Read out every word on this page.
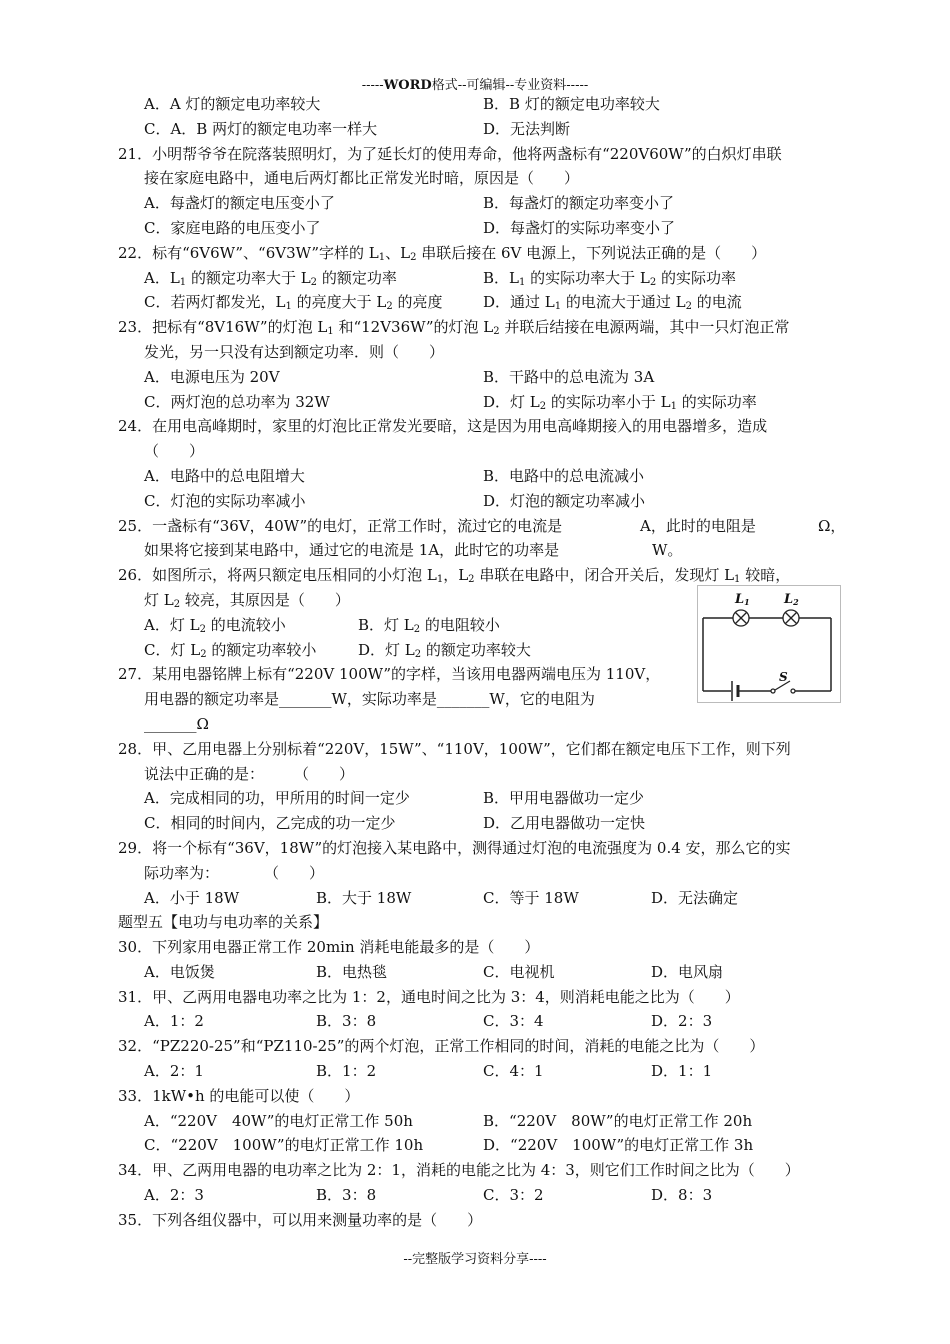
-----WORD格式--可编辑--专业资料-----
A．A 灯的额定电功率较大	B．B 灯的额定电功率较大
C．A．B 两灯的额定电功率一样大	D．无法判断
21．小明帮爷爷在院落装照明灯，为了延长灯的使用寿命，他将两盏标有“220V60W”的白炽灯串联
接在家庭电路中，通电后两灯都比正常发光时暗，原因是（　　）
A．每盏灯的额定电压变小了	B．每盏灯的额定功率变小了
C．家庭电路的电压变小了	D．每盏灯的实际功率变小了
22．标有“6V6W”、“6V3W”字样的 $L_1$、$L_2$ 串联后接在 6V 电源上，下列说法正确的是（　　）
A．$L_1$ 的额定功率大于 $L_2$ 的额定功率	B．$L_1$ 的实际功率大于 $L_2$ 的实际功率
C．若两灯都发光，$L_1$ 的亮度大于 $L_2$ 的亮度	D．通过 $L_1$ 的电流大于通过 $L_2$ 的电流
23．把标有“8V16W”的灯泡 $L_1$ 和“12V36W”的灯泡 $L_2$ 并联后结接在电源两端，其中一只灯泡正常
发光，另一只没有达到额定功率．则（　　）
A．电源电压为 20V	B．干路中的总电流为 3A
C．两灯泡的总功率为 32W	D．灯 $L_2$ 的实际功率小于 $L_1$ 的实际功率
24．在用电高峰期时，家里的灯泡比正常发光要暗，这是因为用电高峰期接入的用电器增多，造成
（　　）
A．电路中的总电阻增大	B．电路中的总电流减小
C．灯泡的实际功率减小	D．灯泡的额定功率减小
25．一盏标有“36V，40W”的电灯，正常工作时，流过它的电流是	A，此时的电阻是	Ω，
如果将它接到某电路中，通过它的电流是 1A，此时它的功率是	W。
26．如图所示，将两只额定电压相同的小灯泡 $L_1$，$L_2$ 串联在电路中，闭合开关后，发现灯 $L_1$ 较暗，
灯 $L_2$ 较亮，其原因是（　　）
A．灯 $L_2$ 的电流较小	B．灯 $L_2$ 的电阻较小
C．灯 $L_2$ 的额定功率较小	D．灯 $L_2$ 的额定功率较大
27．某用电器铭牌上标有“220V 100W”的字样，当该用电器两端电压为 110V，
用电器的额定功率是_______W，实际功率是_______W，它的电阻为
_______Ω
28．甲、乙用电器上分别标着“220V，15W”、“110V，100W”，它们都在额定电压下工作，则下列
说法中正确的是：　　　（　　）
A．完成相同的功，甲所用的时间一定少	B．甲用电器做功一定少
C．相同的时间内，乙完成的功一定少	D．乙用电器做功一定快
29．将一个标有“36V，18W”的灯泡接入某电路中，测得通过灯泡的电流强度为 0.4 安，那么它的实
际功率为：　　　　（　　）
A．小于 18W	B．大于 18W	C．等于 18W	D．无法确定
题型五【电功与电功率的关系】
30．下列家用电器正常工作 20min 消耗电能最多的是（　　）
A．电饭煲	B．电热毯	C．电视机	D．电风扇
31．甲、乙两用电器电功率之比为 1：2，通电时间之比为 3：4，则消耗电能之比为（　　）
A．1：2	B．3：8	C．3：4	D．2：3
32．“PZ220-25”和“PZ110-25”的两个灯泡，正常工作相同的时间，消耗的电能之比为（　　）
A．2：1	B．1：2	C．4：1	D．1：1
33．1kW•h 的电能可以使（　　）
A．“220V　40W”的电灯正常工作 50h	B．“220V　80W”的电灯正常工作 20h
C．“220V　100W”的电灯正常工作 10h	D．“220V　100W”的电灯正常工作 3h
34．甲、乙两用电器的电功率之比为 2：1，消耗的电能之比为 4：3，则它们工作时间之比为（　　）
A．2：3	B．3：8	C．3：2	D．8：3
35．下列各组仪器中，可以用来测量功率的是（　　）
L1	L2
S
--完整版学习资料分享----
